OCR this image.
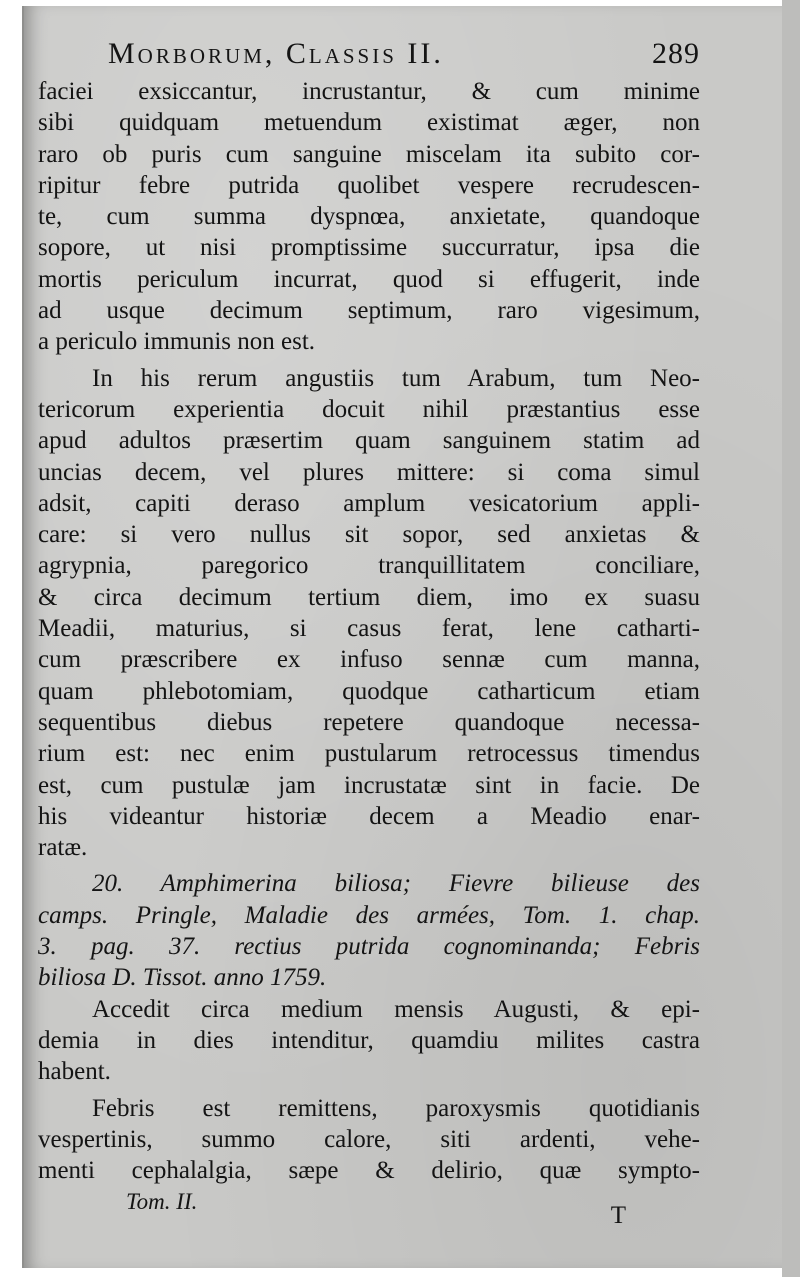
Morborum, Classis II.	289
faciei exsiccantur, incrustantur, & cum minime
sibi quidquam metuendum existimat æger, non
raro ob puris cum sanguine miscelam ita subito cor-
ripitur febre putrida quolibet vespere recrudescen-
te, cum summa dyspnœa, anxietate, quandoque
sopore, ut nisi promptissime succurratur, ipsa die
mortis periculum incurrat, quod si effugerit, inde
ad usque decimum septimum, raro vigesimum,
a periculo immunis non est.
In his rerum angustiis tum Arabum, tum Neo-
tericorum experientia docuit nihil præstantius esse
apud adultos præsertim quam sanguinem statim ad
uncias decem, vel plures mittere: si coma simul
adsit, capiti deraso amplum vesicatorium appli-
care: si vero nullus sit sopor, sed anxietas &
agrypnia, paregorico tranquillitatem conciliare,
& circa decimum tertium diem, imo ex suasu
Meadii, maturius, si casus ferat, lene catharti-
cum præscribere ex infuso sennæ cum manna,
quam phlebotomiam, quodque catharticum etiam
sequentibus diebus repetere quandoque necessa-
rium est: nec enim pustularum retrocessus timendus
est, cum pustulæ jam incrustatæ sint in facie. De
his videantur historiæ decem a Meadio enar-
ratæ.
20. Amphimerina biliosa; Fievre bilieuse des
camps. Pringle, Maladie des armées, Tom. 1. chap.
3. pag. 37. rectius putrida cognominanda; Febris
biliosa D. Tissot. anno 1759.
Accedit circa medium mensis Augusti, & epi-
demia in dies intenditur, quamdiu milites castra
habent.
Febris est remittens, paroxysmis quotidianis
vespertinis, summo calore, siti ardenti, vehe-
menti cephalalgia, sæpe & delirio, quæ sympto-
Tom. II.
T
